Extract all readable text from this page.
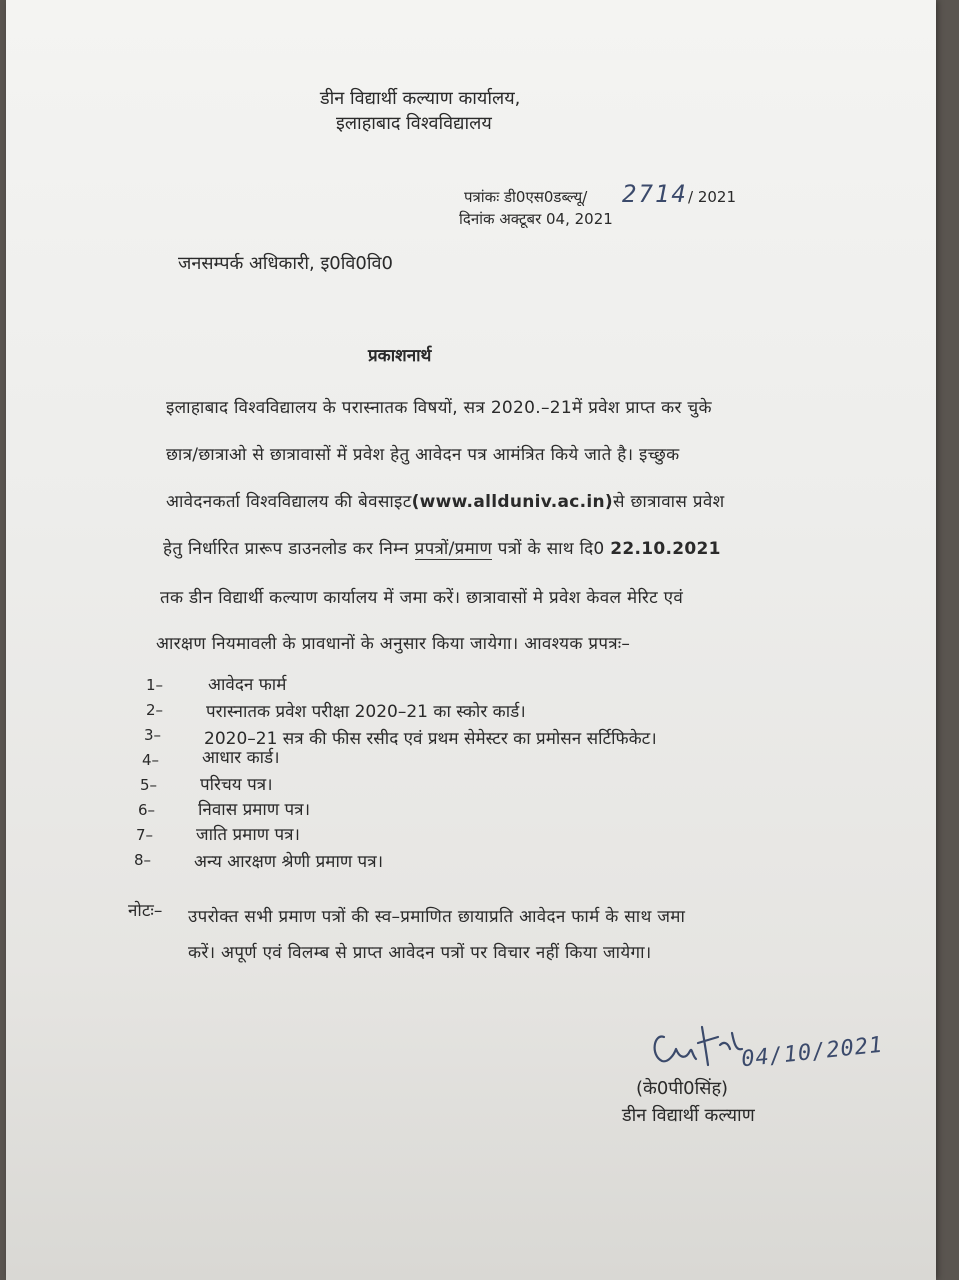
डीन विद्यार्थी कल्याण कार्यालय,
इलाहाबाद विश्वविद्यालय
पत्रांकः डी0एस0डब्ल्यू/ 2714 / 2021
दिनांक अक्टूबर 04, 2021
जनसम्पर्क अधिकारी, इ0वि0वि0
प्रकाशनार्थ
इलाहाबाद विश्वविद्यालय के परास्नातक विषयों, सत्र 2020.–21में प्रवेश प्राप्त कर चुके
छात्र/छात्राओ से छात्रावासों में प्रवेश हेतु आवेदन पत्र आमंत्रित किये जाते है। इच्छुक
आवेदनकर्ता विश्वविद्यालय की बेवसाइट(www.allduniv.ac.in)से छात्रावास प्रवेश
हेतु निर्धारित प्रारूप डाउनलोड कर निम्न प्रपत्रों/प्रमाण पत्रों के साथ दि0 22.10.2021
तक डीन विद्यार्थी कल्याण कार्यालय में जमा करें। छात्रावासों मे प्रवेश केवल मेरिट एवं
आरक्षण नियमावली के प्रावधानों के अनुसार किया जायेगा। आवश्यक प्रपत्रः–
1–	आवेदन फार्म
2–	परास्नातक प्रवेश परीक्षा 2020–21 का स्कोर कार्ड।
3–	2020–21 सत्र की फीस रसीद एवं प्रथम सेमेस्टर का प्रमोसन सर्टिफिकेट।
4–	आधार कार्ड।
5–	परिचय पत्र।
6–	निवास प्रमाण पत्र।
7–	जाति प्रमाण पत्र।
8–	अन्य आरक्षण श्रेणी प्रमाण पत्र।
नोटः– उपरोक्त सभी प्रमाण पत्रों की स्व–प्रमाणित छायाप्रति आवेदन फार्म के साथ जमा
करें। अपूर्ण एवं विलम्ब से प्राप्त आवेदन पत्रों पर विचार नहीं किया जायेगा।
04/10/2021
(के0पी0सिंह)
डीन विद्यार्थी कल्याण
